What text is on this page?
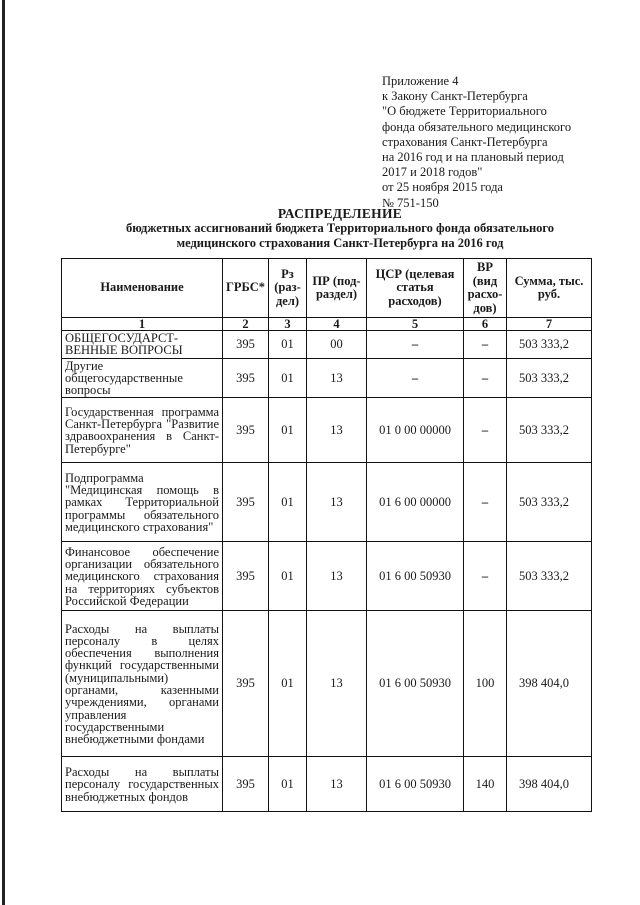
Приложение 4
к Закону Санкт-Петербурга
"О бюджете Территориального
фонда обязательного медицинского
страхования Санкт-Петербурга
на 2016 год и на плановый период
2017 и 2018 годов"
от 25 ноября 2015 года
№ 751-150
РАСПРЕДЕЛЕНИЕ
бюджетных ассигнований бюджета Территориального фонда обязательного
медицинского страхования Санкт-Петербурга на 2016 год
Наименование	ГРБС*	Рз (раз-дел)	ПР (под-раздел)	ЦСР (целевая статья расходов)	ВР (вид расхо-дов)	Сумма, тыс. руб.
1	2	3	4	5	6	7
ОБЩЕГОСУДАРСТ-ВЕННЫЕ ВОПРОСЫ	395	01	00	–	–	503 333,2
Другие общегосударственные вопросы	395	01	13	–	–	503 333,2
Государственная программа Санкт-Петербурга "Развитие здравоохранения в Санкт-Петербурге"	395	01	13	01 0 00 00000	–	503 333,2
Подпрограмма "Медицинская помощь в рамках Территориальной программы обязательного медицинского страхования"	395	01	13	01 6 00 00000	–	503 333,2
Финансовое обеспечение организации обязательного медицинского страхования на территориях субъектов Российской Федерации	395	01	13	01 6 00 50930	–	503 333,2
Расходы на выплаты персоналу в целях обеспечения выполнения функций государственными (муниципальными) органами, казенными учреждениями, органами управления государственными внебюджетными фондами	395	01	13	01 6 00 50930	100	398 404,0
Расходы на выплаты персоналу государственных внебюджетных фондов	395	01	13	01 6 00 50930	140	398 404,0
